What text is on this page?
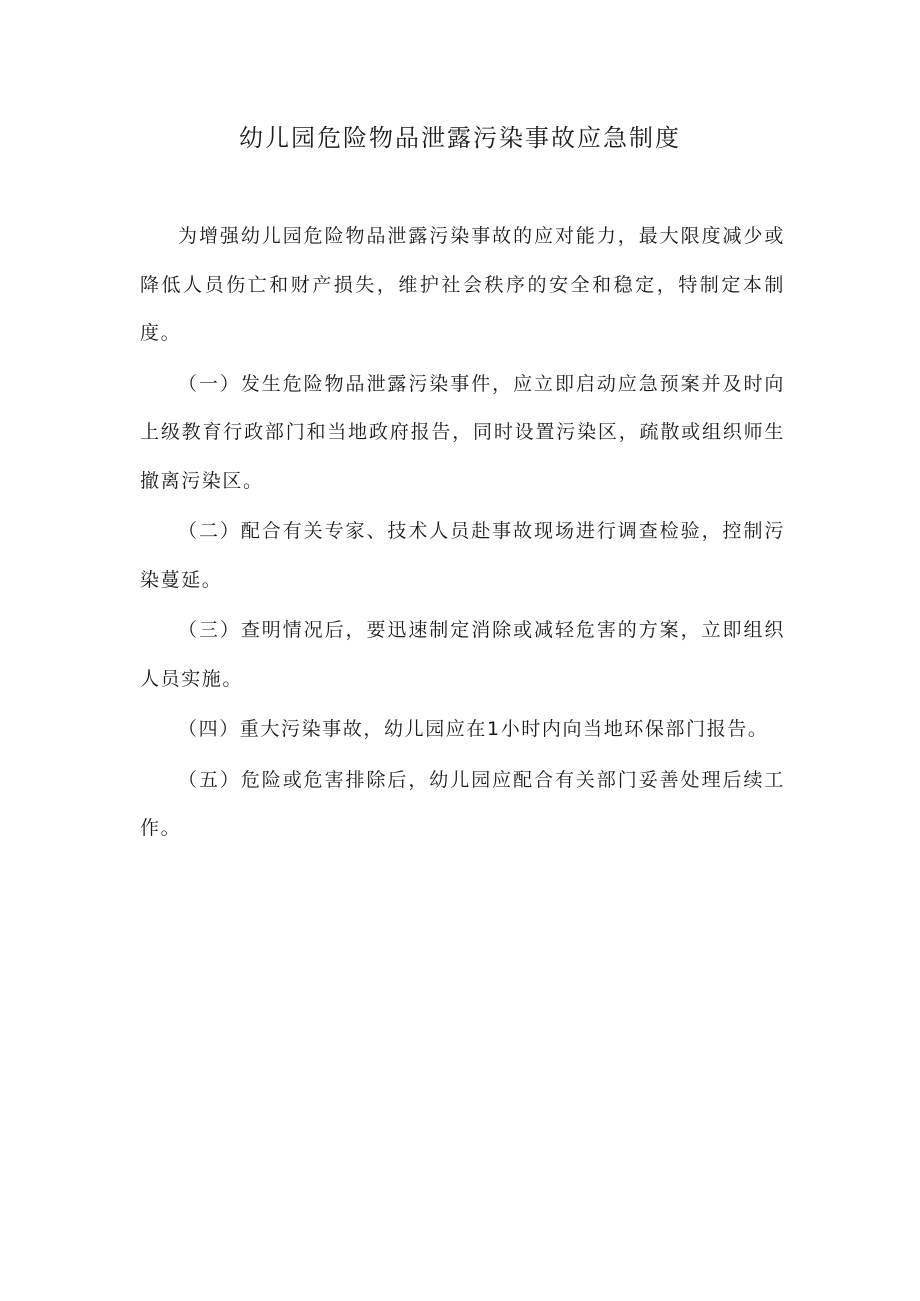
幼儿园危险物品泄露污染事故应急制度

为增强幼儿园危险物品泄露污染事故的应对能力，最大限度减少或降低人员伤亡和财产损失，维护社会秩序的安全和稳定，特制定本制度。

（一）发生危险物品泄露污染事件，应立即启动应急预案并及时向上级教育行政部门和当地政府报告，同时设置污染区，疏散或组织师生撤离污染区。

（二）配合有关专家、技术人员赴事故现场进行调查检验，控制污染蔓延。

（三）查明情况后，要迅速制定消除或减轻危害的方案，立即组织人员实施。

（四）重大污染事故，幼儿园应在1小时内向当地环保部门报告。

（五）危险或危害排除后，幼儿园应配合有关部门妥善处理后续工作。
